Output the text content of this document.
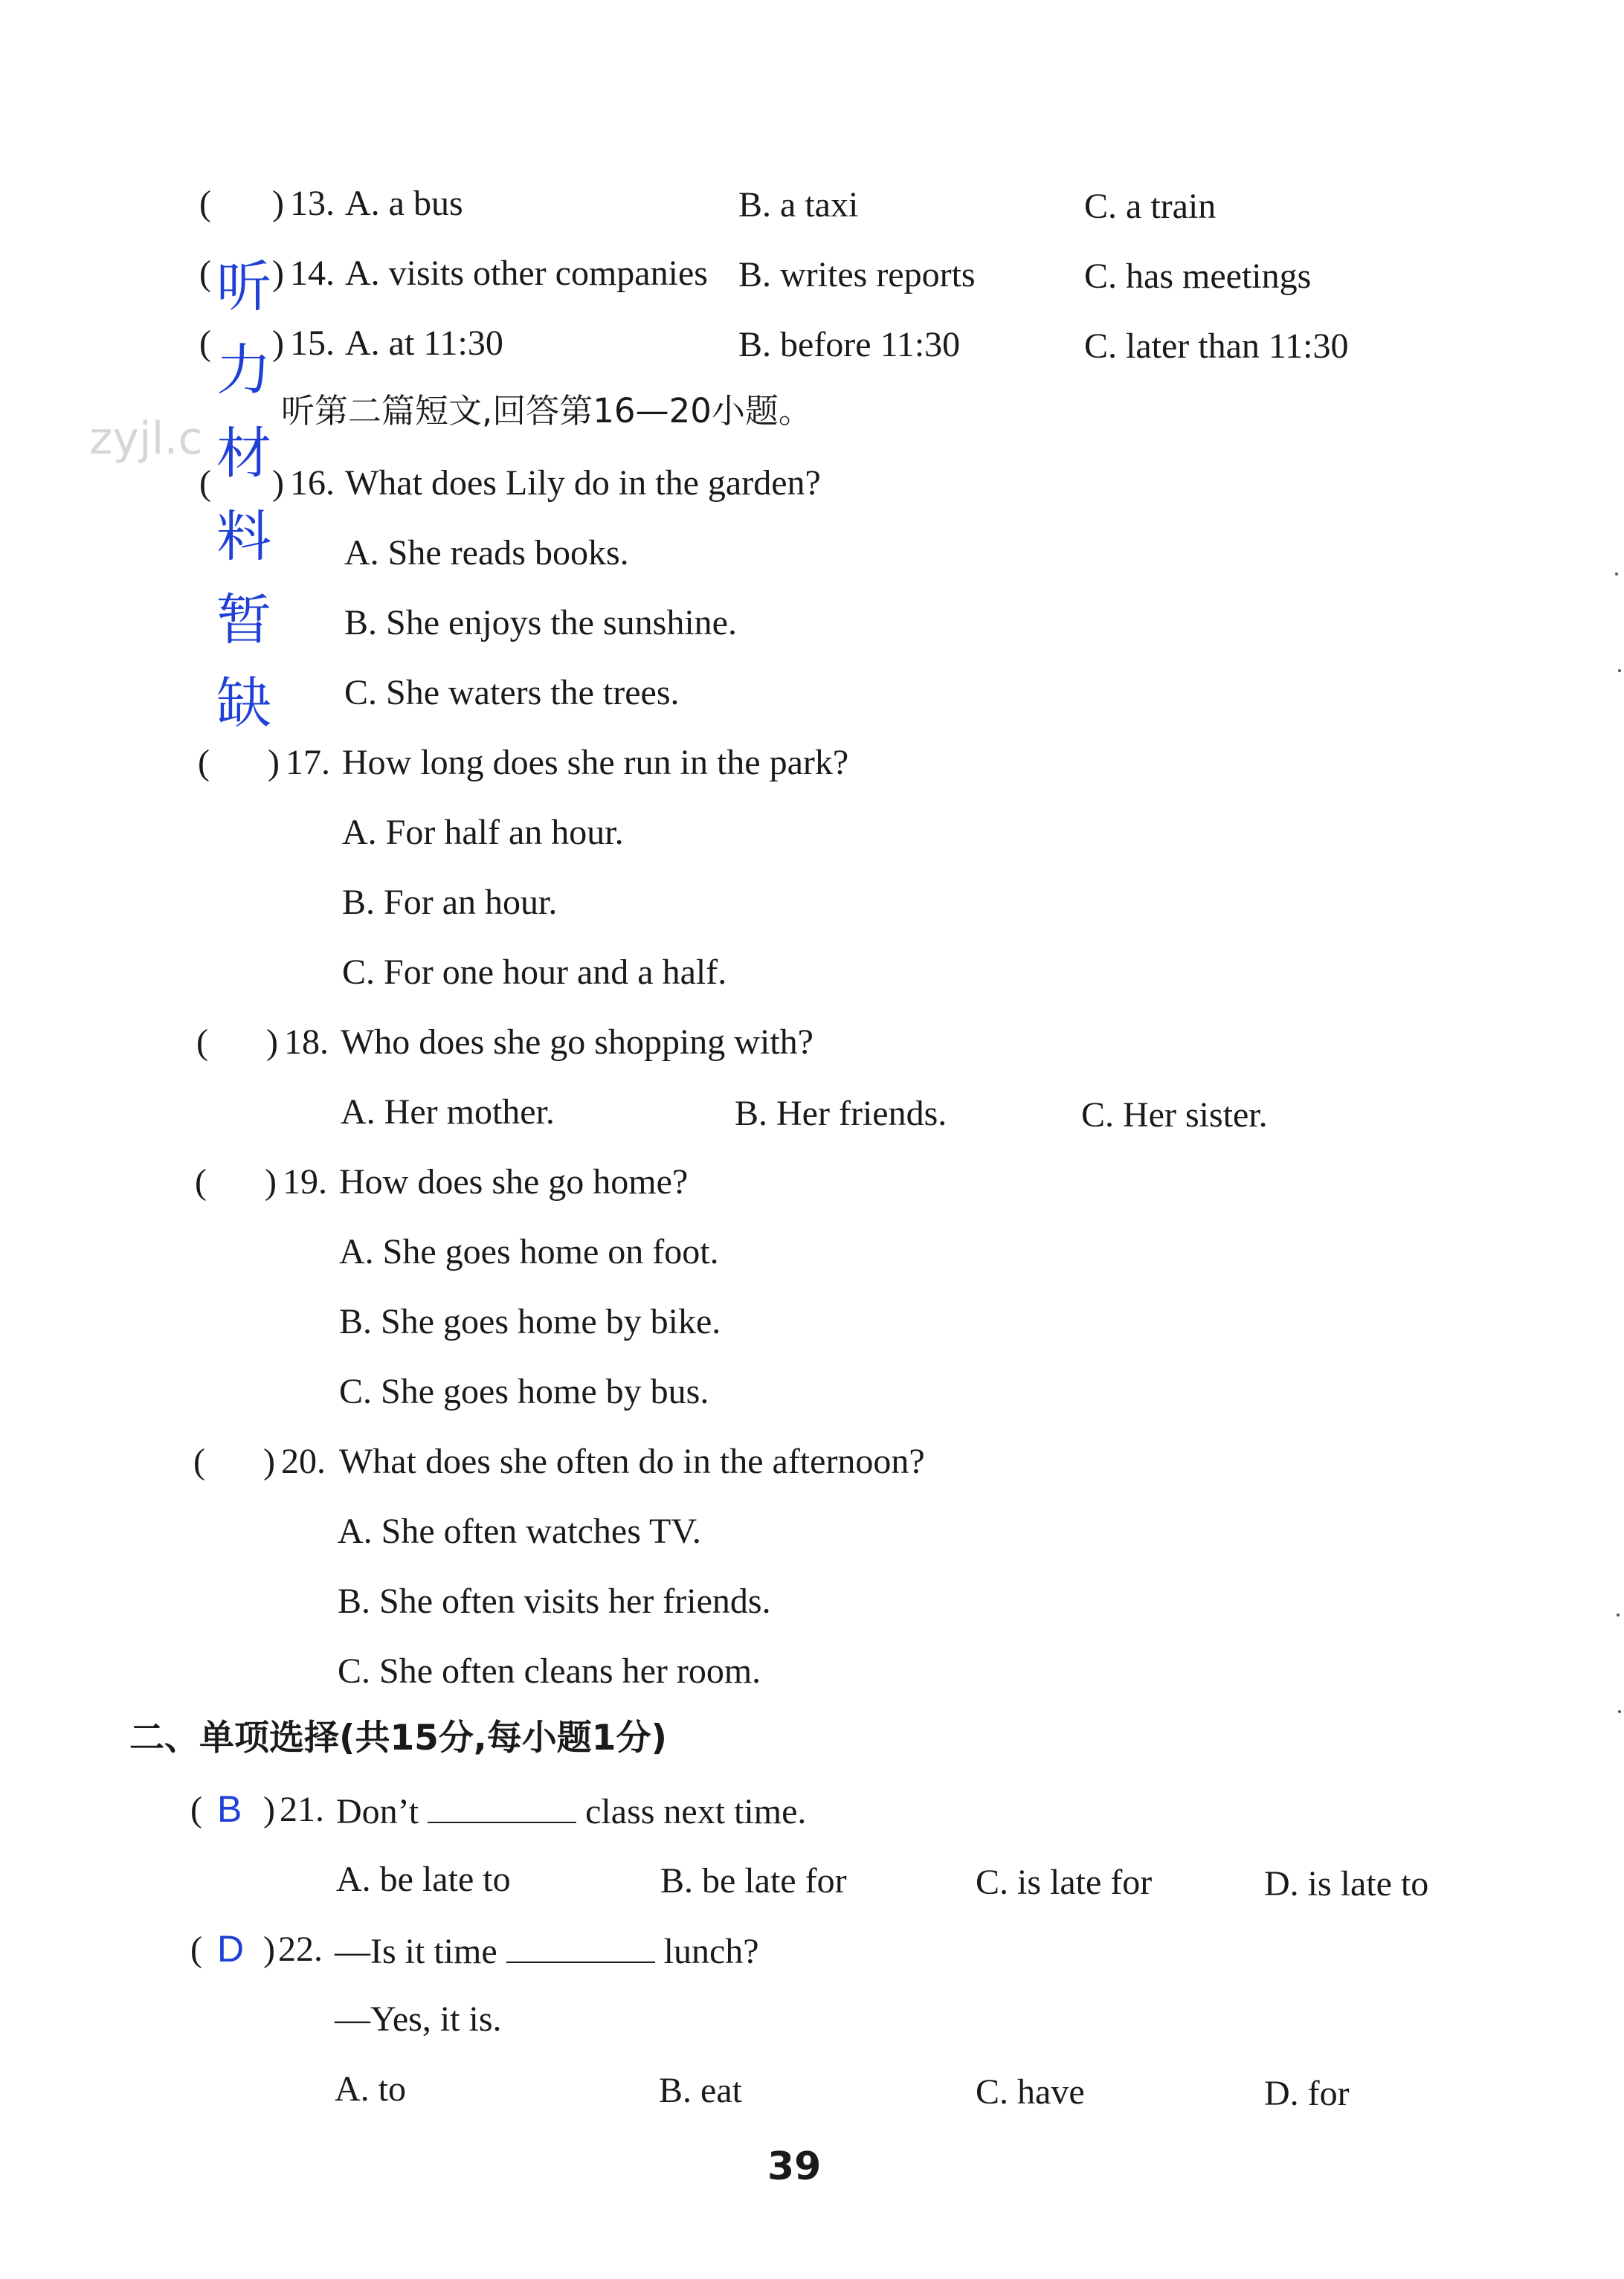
zyjl.c
听
力
材
料
暂
缺
( ) 13. A. a bus	B. a taxi	C. a train
( ) 14. A. visits other companies B. writes reports	C. has meetings
( ) 15. A. at 11:30	B. before 11:30	C. later than 11:30
听第二篇短文,回答第16—20小题。
( ) 16. What does Lily do in the garden?
A. She reads books.
B. She enjoys the sunshine.
C. She waters the trees.
( ) 17. How long does she run in the park?
A. For half an hour.
B. For an hour.
C. For one hour and a half.
( ) 18. Who does she go shopping with?
A. Her mother.	B. Her friends.	C. Her sister.
( ) 19. How does she go home?
A. She goes home on foot.
B. She goes home by bike.
C. She goes home by bus.
( ) 20. What does she often do in the afternoon?
A. She often watches TV.
B. She often visits her friends.
C. She often cleans her room.
二、单项选择(共15分,每小题1分)
( B ) 21. Don’t	class next time.
A. be late to	B. be late for	C. is late for	D. is late to
( D ) 22. —Is it time	lunch?
—Yes, it is.
A. to	B. eat	C. have	D. for
39
